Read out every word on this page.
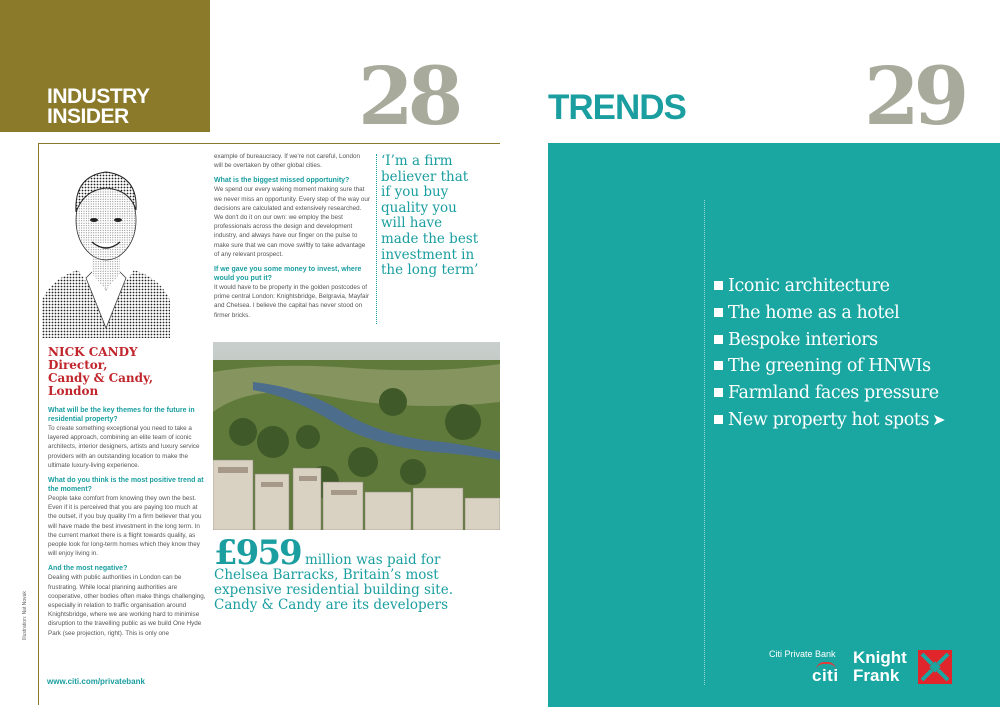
INDUSTRY
INSIDER	28
NICK CANDY
Director,
Candy & Candy,
London
What will be the key themes for the future in residential property?
To create something exceptional you need to take a layered approach, combining an elite team of iconic architects, interior designers, artists and luxury service providers with an outstanding location to make the ultimate luxury-living experience.
What do you think is the most positive trend at the moment?
People take comfort from knowing they own the best. Even if it is perceived that you are paying too much at the outset, if you buy quality I'm a firm believer that you will have made the best investment in the long term. In the current market there is a flight towards quality, as people look for long-term homes which they know they will enjoy living in.
And the most negative?
Dealing with public authorities in London can be frustrating. While local planning authorities are cooperative, other bodies often make things challenging, especially in relation to traffic organisation around Knightsbridge, where we are working hard to minimise disruption to the travelling public as we build One Hyde Park (see projection, right). This is only one
example of bureaucracy. If we're not careful, London will be overtaken by other global cities.
What is the biggest missed opportunity?
We spend our every waking moment making sure that we never miss an opportunity. Every step of the way our decisions are calculated and extensively researched. We don't do it on our own: we employ the best professionals across the design and development industry, and always have our finger on the pulse to make sure that we can move swiftly to take advantage of any relevant prospect.
If we gave you some money to invest, where would you put it?
It would have to be property in the golden postcodes of prime central London: Knightsbridge, Belgravia, Mayfair and Chelsea. I believe the capital has never stood on firmer bricks.
‘I’m a firm believer that if you buy quality you will have made the best investment in the long term’
£959 million was paid for Chelsea Barracks, Britain’s most expensive residential building site. Candy & Candy are its developers
Illustration: Nat Novak
www.citi.com/privatebank
TRENDS 29
Iconic architecture
The home as a hotel
Bespoke interiors
The greening of HNWIs
Farmland faces pressure
New property hot spots ➤
Citi Private Bank
citi
Knight
Frank
